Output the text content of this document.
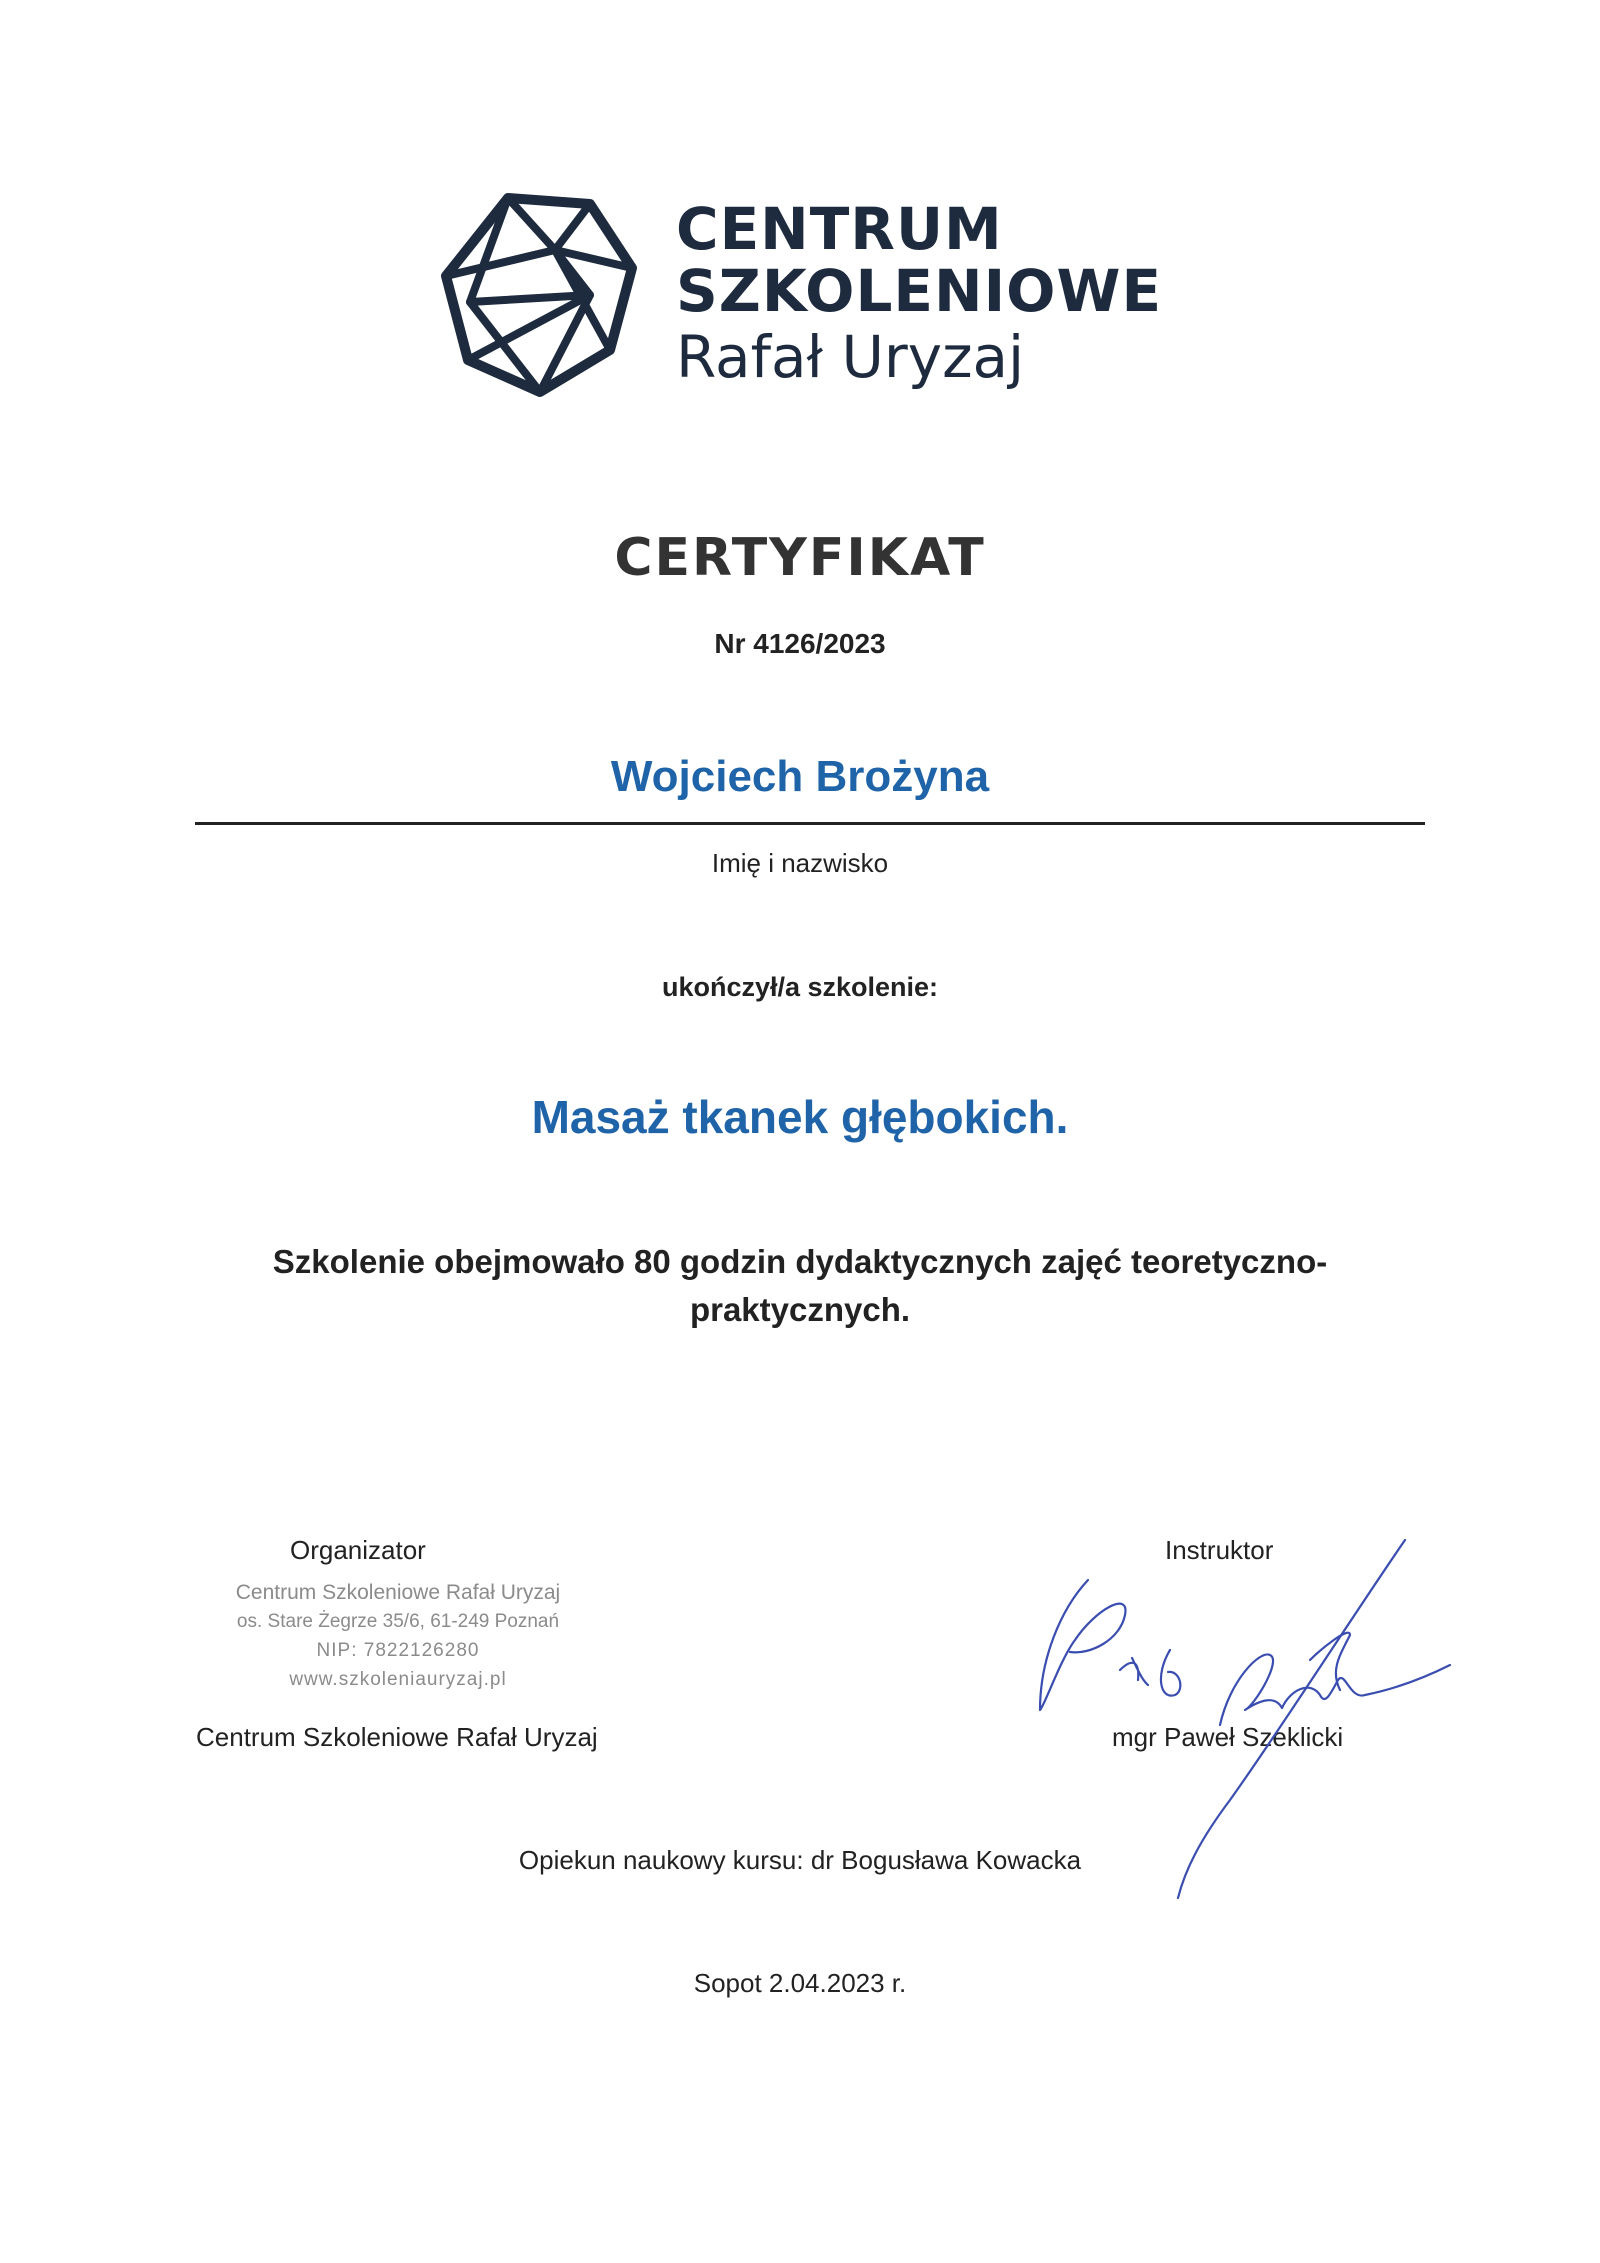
CENTRUM
SZKOLENIOWE
Rafał Uryzaj
CERTYFIKAT
Nr 4126/2023
Wojciech Brożyna
Imię i nazwisko
ukończył/a szkolenie:
Masaż tkanek głębokich.
Szkolenie obejmowało 80 godzin dydaktycznych zajęć teoretyczno-
praktycznych.
Organizator
Centrum Szkoleniowe Rafał Uryzaj
os. Stare Żegrze 35/6, 61-249 Poznań
NIP: 7822126280
www.szkoleniauryzaj.pl
Centrum Szkoleniowe Rafał Uryzaj
Instruktor
mgr Paweł Szeklicki
Opiekun naukowy kursu: dr Bogusława Kowacka
Sopot 2.04.2023 r.
